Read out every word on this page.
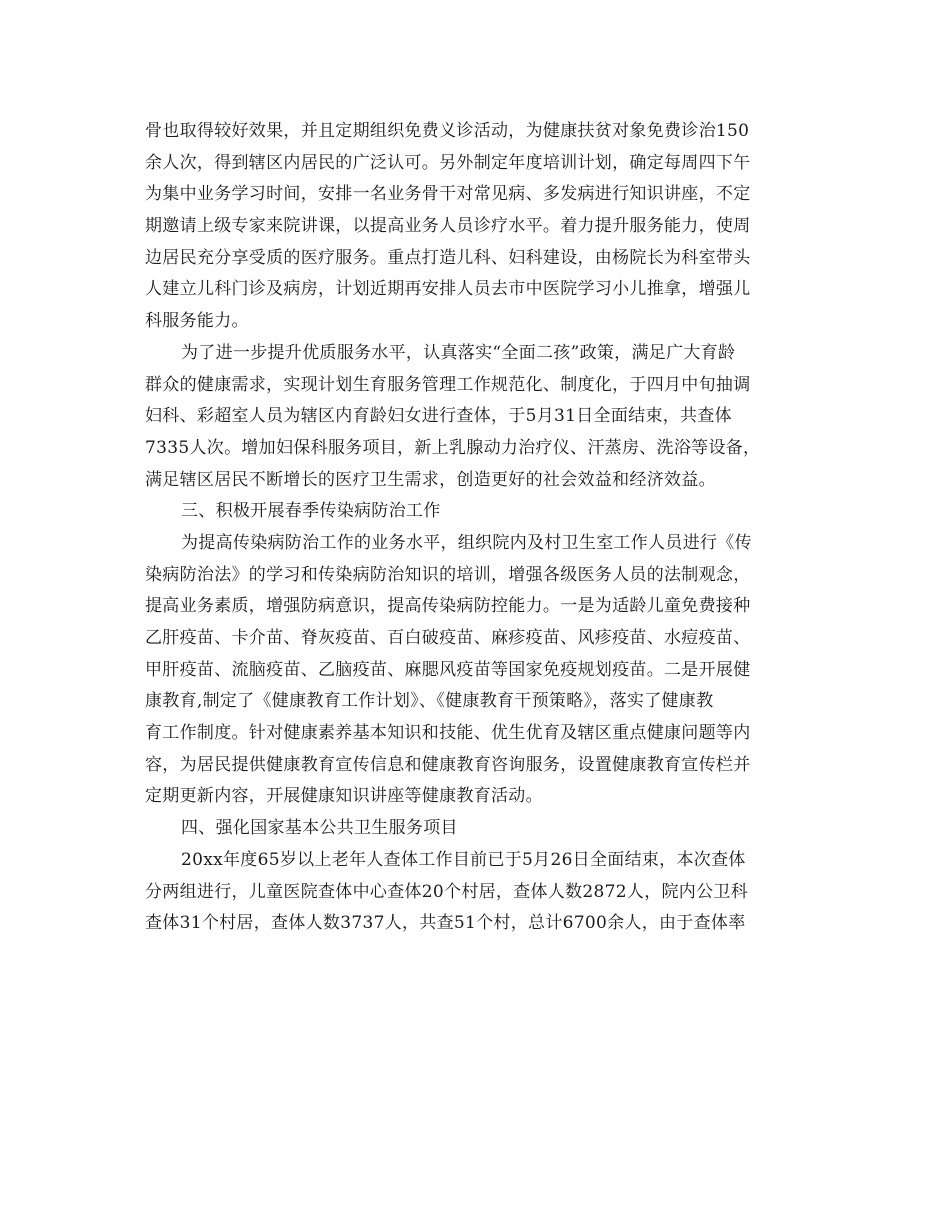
骨也取得较好效果，并且定期组织免费义诊活动，为健康扶贫对象免费诊治150
余人次，得到辖区内居民的广泛认可。另外制定年度培训计划，确定每周四下午
为集中业务学习时间，安排一名业务骨干对常见病、多发病进行知识讲座，不定
期邀请上级专家来院讲课，以提高业务人员诊疗水平。着力提升服务能力，使周
边居民充分享受质的医疗服务。重点打造儿科、妇科建设，由杨院长为科室带头
人建立儿科门诊及病房，计划近期再安排人员去市中医院学习小儿推拿，增强儿
科服务能力。
为了进一步提升优质服务水平，认真落实“全面二孩”政策，满足广大育龄
群众的健康需求，实现计划生育服务管理工作规范化、制度化，于四月中旬抽调
妇科、彩超室人员为辖区内育龄妇女进行查体，于5月31日全面结束，共查体
7335人次。增加妇保科服务项目，新上乳腺动力治疗仪、汗蒸房、洗浴等设备，
满足辖区居民不断增长的医疗卫生需求，创造更好的社会效益和经济效益。
三、积极开展春季传染病防治工作
为提高传染病防治工作的业务水平，组织院内及村卫生室工作人员进行《传
染病防治法》的学习和传染病防治知识的培训，增强各级医务人员的法制观念，
提高业务素质，增强防病意识，提高传染病防控能力。一是为适龄儿童免费接种
乙肝疫苗、卡介苗、脊灰疫苗、百白破疫苗、麻疹疫苗、风疹疫苗、水痘疫苗、
甲肝疫苗、流脑疫苗、乙脑疫苗、麻腮风疫苗等国家免疫规划疫苗。二是开展健
康教育,制定了《健康教育工作计划》、《健康教育干预策略》，落实了健康教
育工作制度。针对健康素养基本知识和技能、优生优育及辖区重点健康问题等内
容，为居民提供健康教育宣传信息和健康教育咨询服务，设置健康教育宣传栏并
定期更新内容，开展健康知识讲座等健康教育活动。
四、强化国家基本公共卫生服务项目
20xx年度65岁以上老年人查体工作目前已于5月26日全面结束，本次查体
分两组进行，儿童医院查体中心查体20个村居，查体人数2872人，院内公卫科
查体31个村居，查体人数3737人，共查51个村，总计6700余人，由于查体率
